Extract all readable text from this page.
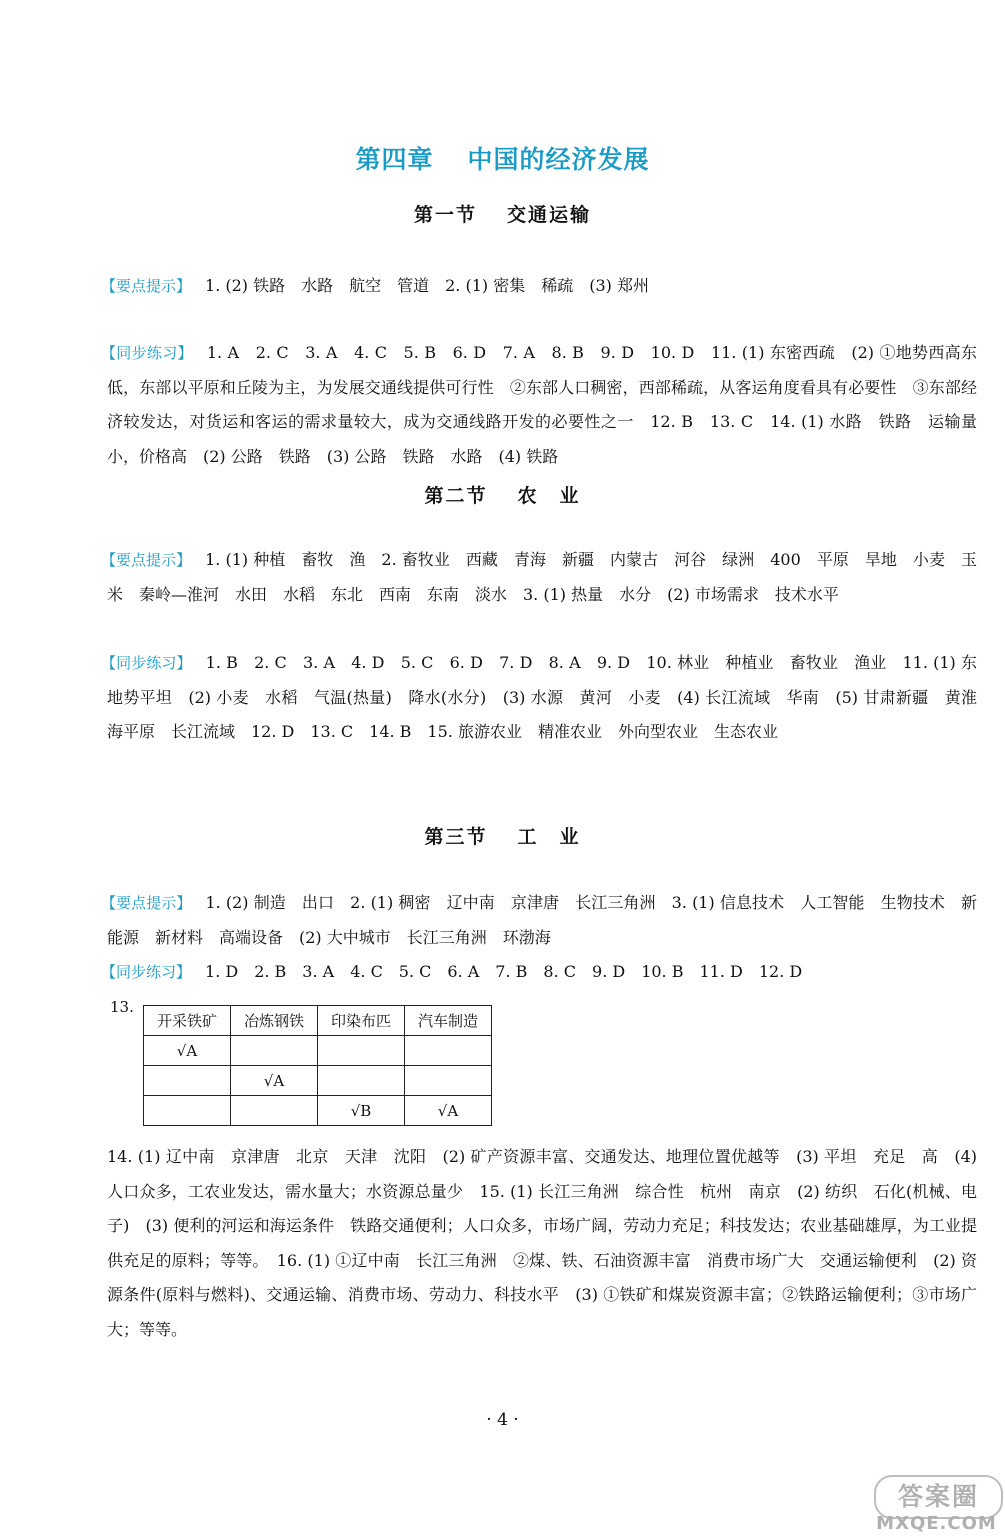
第四章 中国的经济发展
第一节 交通运输
【要点提示】 1. (2) 铁路　水路　航空　管道　2. (1) 密集　稀疏　(3) 郑州
【同步练习】 1. A　2. C　3. A　4. C　5. B　6. D　7. A　8. B　9. D　10. D　11. (1) 东密西疏　(2) ①地势西高东低，东部以平原和丘陵为主，为发展交通线提供可行性　②东部人口稠密，西部稀疏，从客运角度看具有必要性　③东部经济较发达，对货运和客运的需求量较大，成为交通线路开发的必要性之一　12. B　13. C　14. (1) 水路　铁路　运输量小，价格高　(2) 公路　铁路　(3) 公路　铁路　水路　(4) 铁路
第二节 农　业
【要点提示】 1. (1) 种植　畜牧　渔　2. 畜牧业　西藏　青海　新疆　内蒙古　河谷　绿洲　400　平原　旱地　小麦　玉米　秦岭—淮河　水田　水稻　东北　西南　东南　淡水　3. (1) 热量　水分　(2) 市场需求　技术水平
【同步练习】 1. B　2. C　3. A　4. D　5. C　6. D　7. D　8. A　9. D　10. 林业　种植业　畜牧业　渔业　11. (1) 东　地势平坦　(2) 小麦　水稻　气温(热量)　降水(水分)　(3) 水源　黄河　小麦　(4) 长江流域　华南　(5) 甘肃新疆　黄淮海平原　长江流域　12. D　13. C　14. B　15. 旅游农业　精准农业　外向型农业　生态农业
第三节 工　业
【要点提示】 1. (2) 制造　出口　2. (1) 稠密　辽中南　京津唐　长江三角洲　3. (1) 信息技术　人工智能　生物技术　新能源　新材料　高端设备　(2) 大中城市　长江三角洲　环渤海
【同步练习】 1. D　2. B　3. A　4. C　5. C　6. A　7. B　8. C　9. D　10. B　11. D　12. D
13.
开采铁矿	冶炼钢铁	印染布匹	汽车制造
√A			
	√A		
		√B	√A
14. (1) 辽中南　京津唐　北京　天津　沈阳　(2) 矿产资源丰富、交通发达、地理位置优越等　(3) 平坦　充足　高　(4) 人口众多，工农业发达，需水量大；水资源总量少　15. (1) 长江三角洲　综合性　杭州　南京　(2) 纺织　石化(机械、电子)　(3) 便利的河运和海运条件　铁路交通便利；人口众多，市场广阔，劳动力充足；科技发达；农业基础雄厚，为工业提供充足的原料；等等。　16. (1) ①辽中南　长江三角洲　②煤、铁、石油资源丰富　消费市场广大　交通运输便利　(2) 资源条件(原料与燃料)、交通运输、消费市场、劳动力、科技水平　(3) ①铁矿和煤炭资源丰富；②铁路运输便利；③市场广大；等等。
· 4 ·
答案圈
MXQE.COM
